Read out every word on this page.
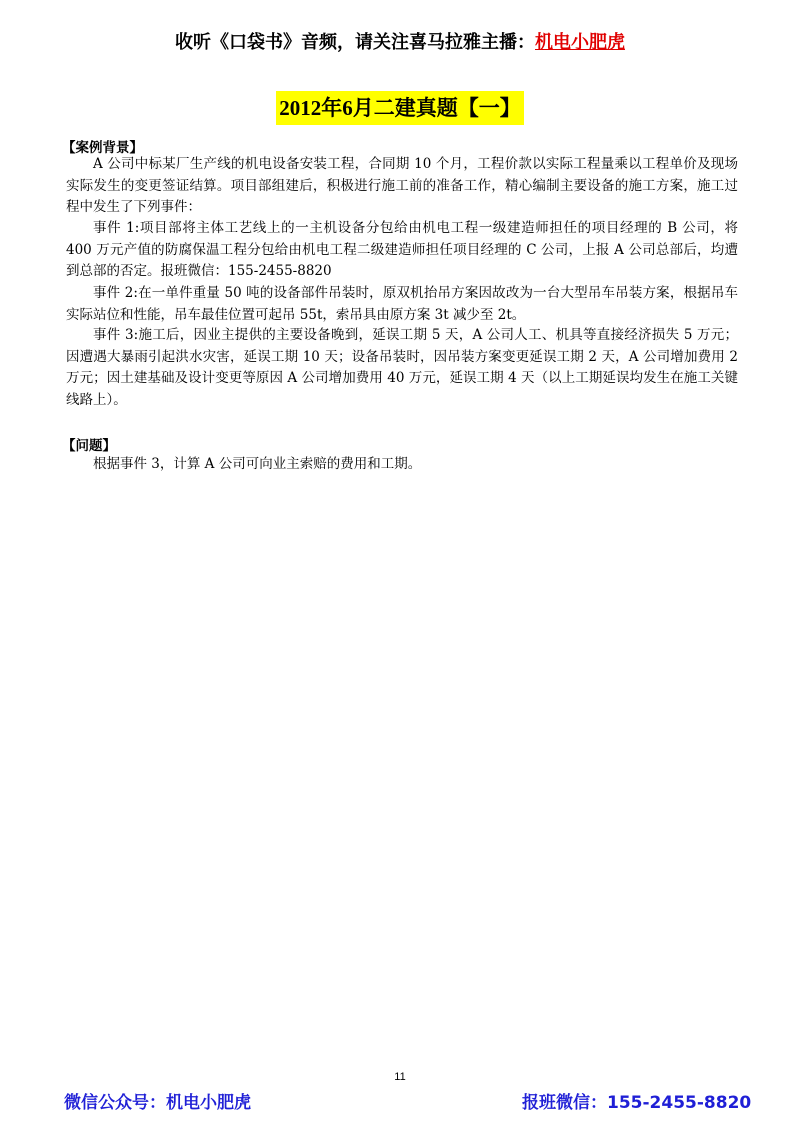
收听《口袋书》音频，请关注喜马拉雅主播：机电小肥虎
2012年6月二建真题【一】
【案例背景】

A 公司中标某厂生产线的机电设备安装工程，合同期 10 个月，工程价款以实际工程量乘以工程单价及现场实际发生的变更签证结算。项目部组建后，积极进行施工前的准备工作，精心编制主要设备的施工方案，施工过程中发生了下列事件：

事件 1:项目部将主体工艺线上的一主机设备分包给由机电工程一级建造师担任的项目经理的 B 公司，将 400 万元产值的防腐保温工程分包给由机电工程二级建造师担任项目经理的 C 公司，上报 A 公司总部后，均遭到总部的否定。报班微信：155-2455-8820

事件 2:在一单件重量 50 吨的设备部件吊装时，原双机抬吊方案因故改为一台大型吊车吊装方案，根据吊车实际站位和性能，吊车最佳位置可起吊 55t，索吊具由原方案 3t 减少至 2t。

事件 3:施工后，因业主提供的主要设备晚到，延误工期 5 天，A 公司人工、机具等直接经济损失 5 万元；因遭遇大暴雨引起洪水灾害，延误工期 10 天；设备吊装时，因吊装方案变更延误工期 2 天，A 公司增加费用 2 万元；因土建基础及设计变更等原因 A 公司增加费用 40 万元，延误工期 4 天（以上工期延误均发生在施工关键线路上）。

【问题】

根据事件 3，计算 A 公司可向业主索赔的费用和工期。

11
微信公众号：机电小肥虎	报班微信：155-2455-8820
